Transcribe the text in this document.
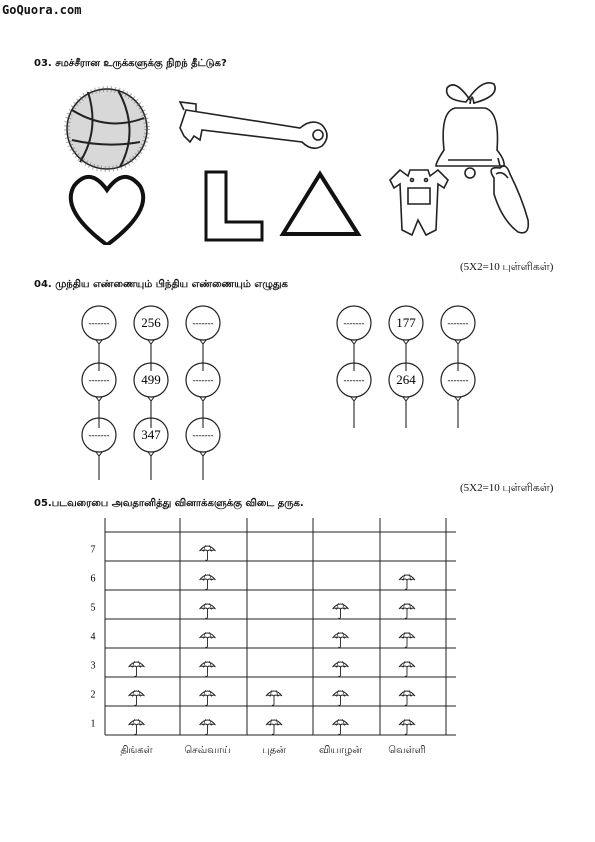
GoQuora.com
03. சமச்சீரான உருக்களுக்கு நிறந் தீட்டுக?
(5X2=10 புள்ளிகள்)
04. முந்திய எண்ணையும் பிந்திய எண்ணையும் எழுதுக
------- 256	-------
------- 499	-------
------- 347	-------
------- 177	-------
------- 264	-------
(5X2=10 புள்ளிகள்)
05.படவரைபை அவதானித்து வினாக்களுக்கு விடை தருக.
1
2
3
4
5
6
7
திங்கள்	செவ்வாய்	புதன்	வியாழன்	வெள்ளி
